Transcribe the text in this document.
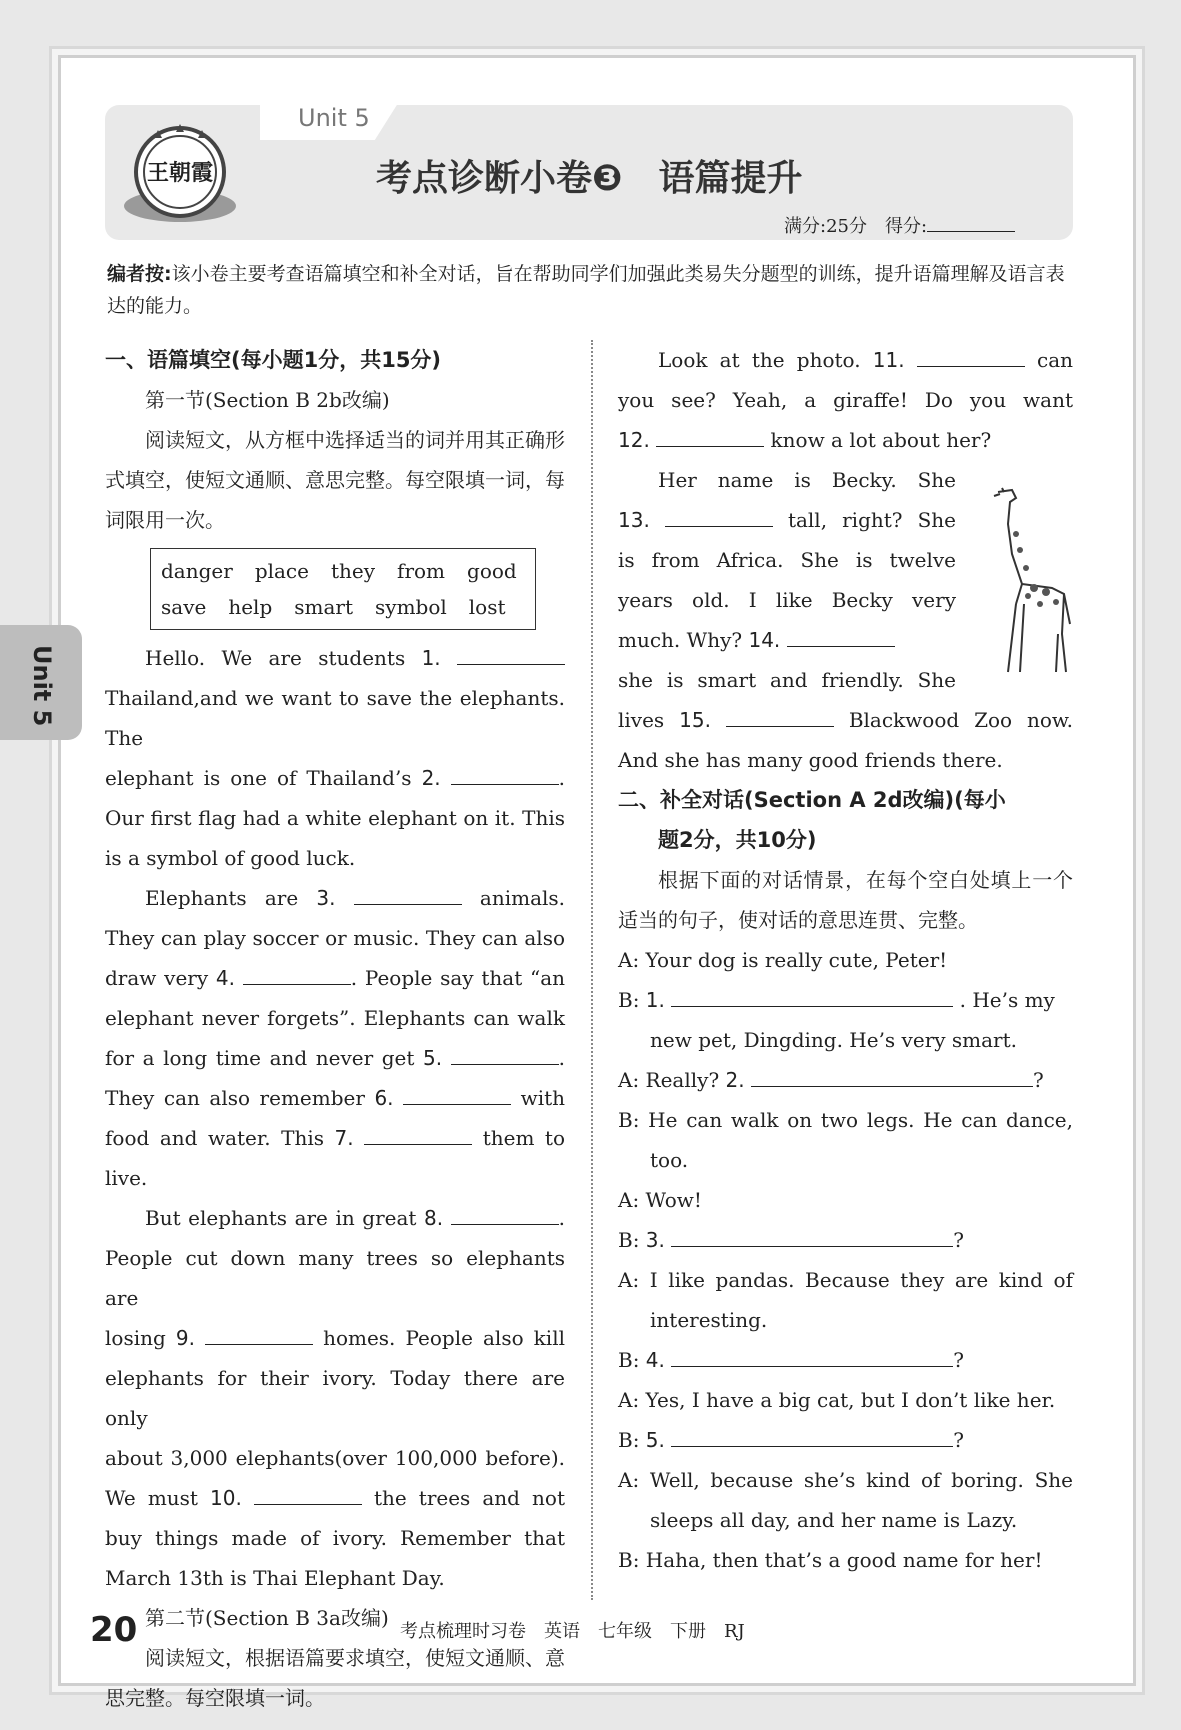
王朝霞
Unit 5
考点诊断小卷❸　语篇提升
满分:25分　得分:
编者按:该小卷主要考查语篇填空和补全对话，旨在帮助同学们加强此类易失分题型的训练，提升语篇理解及语言表达的能力。
Unit 5

一、语篇填空(每小题1分，共15分)

第一节(Section B 2b改编)

阅读短文，从方框中选择适当的词并用其正确形式填空，使短文通顺、意思完整。每空限填一词，每词限用一次。

danger place they from good
save help smart symbol lost

Hello. We are students 1.

Thailand,and we want to save the elephants. The

elephant is one of Thailand’s 2.	.

Our first flag had a white elephant on it. This

is a symbol of good luck.

Elephants are 3.	animals.

They can play soccer or music. They can also

draw very 4.	. People say that “an

elephant never forgets”. Elephants can walk

for a long time and never get 5.	.

They can also remember 6.	with

food and water. This 7.	them to

live.

But elephants are in great 8.	.

People cut down many trees so elephants are

losing 9.	homes. People also kill

elephants for their ivory. Today there are only

about 3,000 elephants(over 100,000 before).

We must 10.	the trees and not

buy things made of ivory. Remember that

March 13th is Thai Elephant Day.

第二节(Section B 3a改编)

阅读短文，根据语篇要求填空，使短文通顺、意思完整。每空限填一词。

Look at the photo. 11.	can

you see? Yeah, a giraffe! Do you want

12.	know a lot about her?

Her name is Becky. She

13.	tall, right? She

is from Africa. She is twelve

years old. I like Becky very

much. Why? 14.

she is smart and friendly. She

lives 15.	Blackwood Zoo now.

And she has many good friends there.

二、补全对话(Section A 2d改编)(每小

题2分，共10分)

根据下面的对话情景，在每个空白处填上一个适当的句子，使对话的意思连贯、完整。

A: Your dog is really cute, Peter!

B: 1.	. He’s my

new pet, Dingding. He’s very smart.

A: Really? 2.	?

B: He can walk on two legs. He can dance,

too.

A: Wow!

B: 3.	?

A: I like pandas. Because they are kind of

interesting.

B: 4.	?

A: Yes, I have a big cat, but I don’t like her.

B: 5.	?

A: Well, because she’s kind of boring. She

sleeps all day, and her name is Lazy.

B: Haha, then that’s a good name for her!

20	考点梳理时习卷　英语　七年级　下册　RJ
